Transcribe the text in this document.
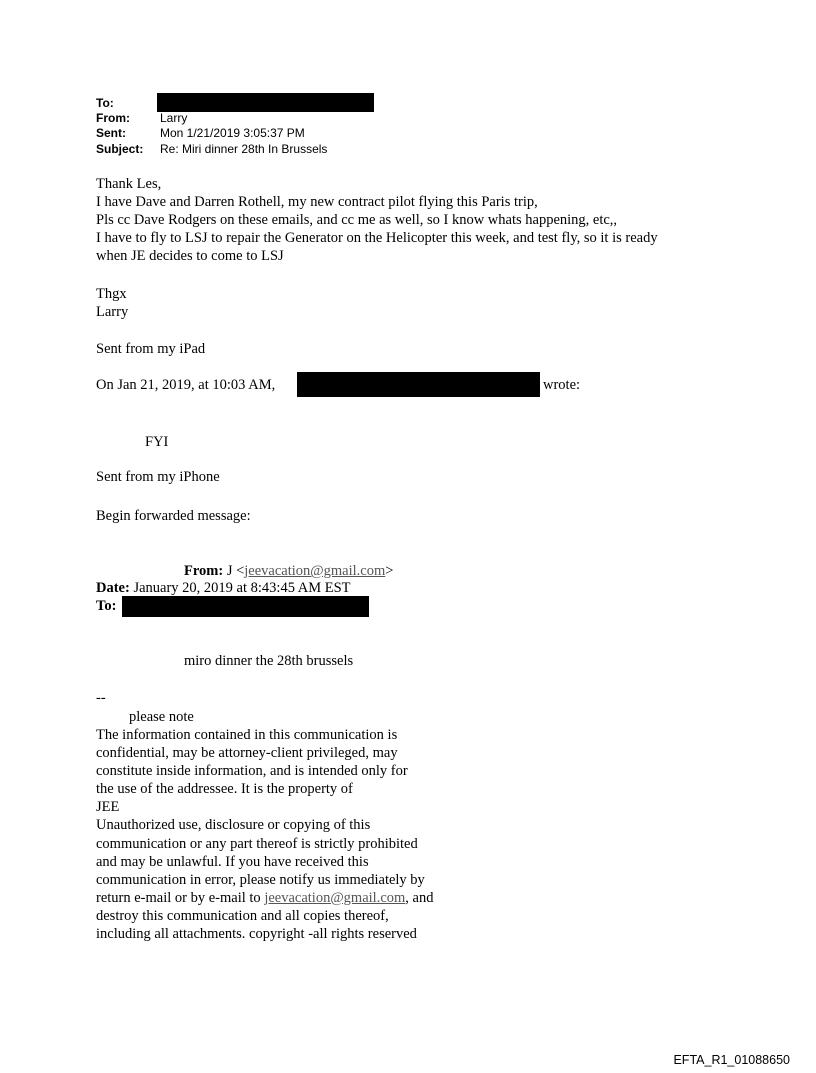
To:
From:	Larry
Sent:	Mon 1/21/2019 3:05:37 PM
Subject: Re: Miri dinner 28th In Brussels
Thank Les,
I have Dave and Darren Rothell, my new contract pilot flying this Paris trip,
Pls cc Dave Rodgers on these emails, and cc me as well, so I know whats happening, etc,,
I have to fly to LSJ to repair the Generator on the Helicopter this week, and test fly, so it is ready
when JE decides to come to LSJ
Thgx
Larry
Sent from my iPad
On Jan 21, 2019, at 10:03 AM,	wrote:
FYI
Sent from my iPhone
Begin forwarded message:
From: J <jeevacation@gmail.com>
Date: January 20, 2019 at 8:43:45 AM EST
To:
miro dinner the 28th brussels
--
please note
The information contained in this communication is
confidential, may be attorney-client privileged, may
constitute inside information, and is intended only for
the use of the addressee. It is the property of
JEE
Unauthorized use, disclosure or copying of this
communication or any part thereof is strictly prohibited
and may be unlawful. If you have received this
communication in error, please notify us immediately by
return e-mail or by e-mail to jeevacation@gmail.com, and
destroy this communication and all copies thereof,
including all attachments. copyright -all rights reserved
EFTA_R1_01088650
